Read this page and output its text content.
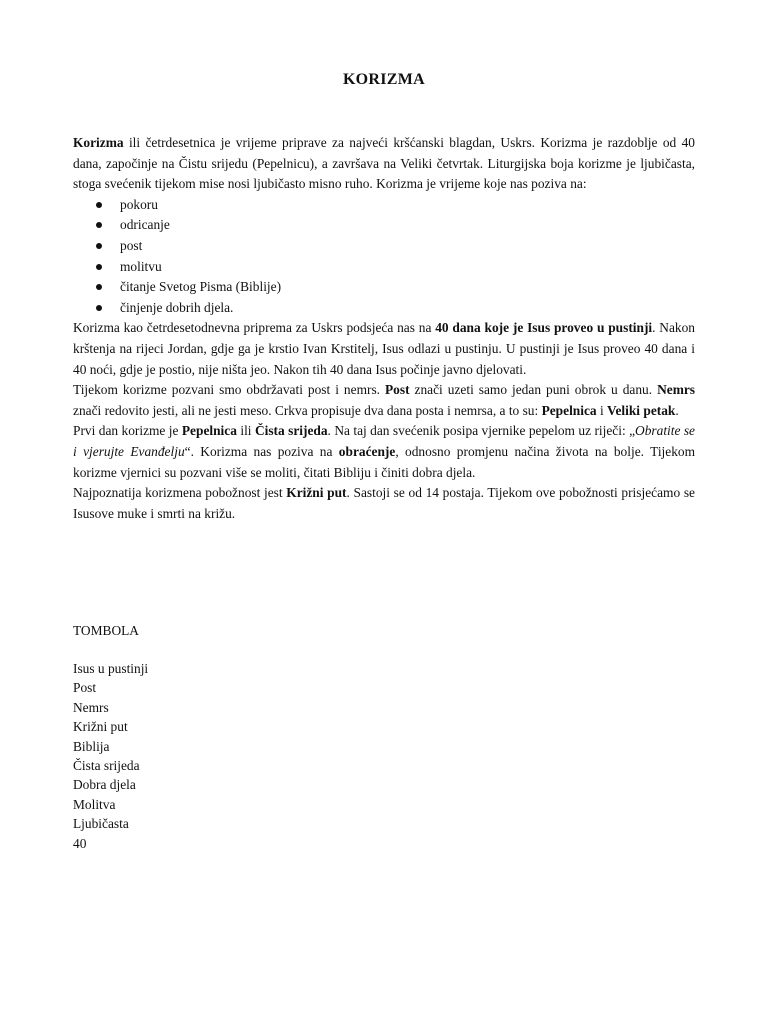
KORIZMA

Korizma ili četrdesetnica je vrijeme priprave za najveći kršćanski blagdan, Uskrs. Korizma je razdoblje od 40 dana, započinje na Čistu srijedu (Pepelnicu), a završava na Veliki četvrtak. Liturgijska boja korizme je ljubičasta, stoga svećenik tijekom mise nosi ljubičasto misno ruho. Korizma je vrijeme koje nas poziva na:

pokoru
odricanje
post
molitvu
čitanje Svetog Pisma (Biblije)
činjenje dobrih djela.

Korizma kao četrdesetodnevna priprema za Uskrs podsjeća nas na 40 dana koje je Isus proveo u pustinji. Nakon krštenja na rijeci Jordan, gdje ga je krstio Ivan Krstitelj, Isus odlazi u pustinju. U pustinji je Isus proveo 40 dana i 40 noći, gdje je postio, nije ništa jeo. Nakon tih 40 dana Isus počinje javno djelovati.

Tijekom korizme pozvani smo obdržavati post i nemrs. Post znači uzeti samo jedan puni obrok u danu. Nemrs znači redovito jesti, ali ne jesti meso. Crkva propisuje dva dana posta i nemrsa, a to su: Pepelnica i Veliki petak.

Prvi dan korizme je Pepelnica ili Čista srijeda. Na taj dan svećenik posipa vjernike pepelom uz riječi: „Obratite se i vjerujte Evanđelju“. Korizma nas poziva na obraćenje, odnosno promjenu načina života na bolje. Tijekom korizme vjernici su pozvani više se moliti, čitati Bibliju i činiti dobra djela.

Najpoznatija korizmena pobožnost jest Križni put. Sastoji se od 14 postaja. Tijekom ove pobožnosti prisjećamo se Isusove muke i smrti na križu.

TOMBOLA
Isus u pustinji
Post
Nemrs
Križni put
Biblija
Čista srijeda
Dobra djela
Molitva
Ljubičasta
40
